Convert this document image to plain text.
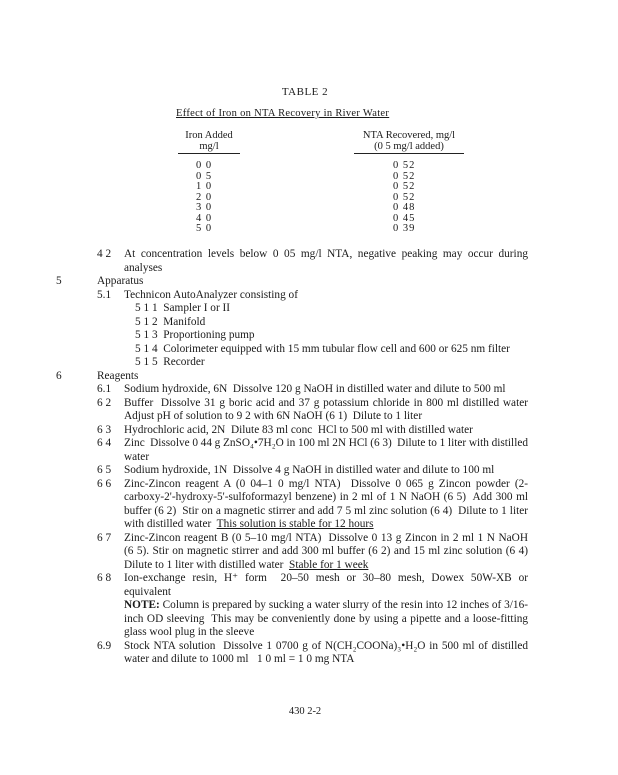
TABLE 2
Effect of Iron on NTA Recovery in River Water
Iron Added
mg/l
NTA Recovered, mg/l
(0 5 mg/l added)
0 0	0 52
0 5	0 52
1 0	0 52
2 0	0 52
3 0	0 48
4 0	0 45
5 0	0 39
4 2 At concentration levels below 0 05 mg/l NTA, negative peaking may occur during
analyses
5	Apparatus
5.1 Technicon AutoAnalyzer consisting of
5 1 1  Sampler I or II
5 1 2  Manifold
5 1 3  Proportioning pump
5 1 4  Colorimeter equipped with 15 mm tubular flow cell and 600 or 625 nm filter
5 1 5  Recorder
6	Reagents
6.1 Sodium hydroxide, 6N  Dissolve 120 g NaOH in distilled water and dilute to 500 ml
6 2 Buffer  Dissolve 31 g boric acid and 37 g potassium chloride in 800 ml distilled water
Adjust pH of solution to 9 2 with 6N NaOH (6 1)  Dilute to 1 liter
6 3 Hydrochloric acid, 2N  Dilute 83 ml conc  HCl to 500 ml with distilled water
6 4 Zinc  Dissolve 0 44 g ZnSO₄•7H₂O in 100 ml 2N HCl (6 3)  Dilute to 1 liter with distilled
water
6 5 Sodium hydroxide, 1N  Dissolve 4 g NaOH in distilled water and dilute to 100 ml
6 6 Zinc-Zincon reagent A (0 04–1 0 mg/l NTA)  Dissolve 0 065 g Zincon powder (2-
carboxy-2'-hydroxy-5'-sulfoformazyl benzene) in 2 ml of 1 N NaOH (6 5)  Add 300 ml
buffer (6 2)  Stir on a magnetic stirrer and add 7 5 ml zinc solution (6 4)  Dilute to 1 liter
with distilled water  This solution is stable for 12 hours
6 7 Zinc-Zincon reagent B (0 5–10 mg/l NTA)  Dissolve 0 13 g Zincon in 2 ml 1 N NaOH
(6 5). Stir on magnetic stirrer and add 300 ml buffer (6 2) and 15 ml zinc solution (6 4)
Dilute to 1 liter with distilled water  Stable for 1 week
6 8 Ion-exchange resin, H⁺ form  20–50 mesh or 30–80 mesh, Dowex 50W-XB or
equivalent
NOTE: Column is prepared by sucking a water slurry of the resin into 12 inches of 3/16-
inch OD sleeving  This may be conveniently done by using a pipette and a loose-fitting
glass wool plug in the sleeve
6.9 Stock NTA solution  Dissolve 1 0700 g of N(CH₂COONa)₃•H₂O in 500 ml of distilled
water and dilute to 1000 ml   1 0 ml = 1 0 mg NTA
430 2-2
